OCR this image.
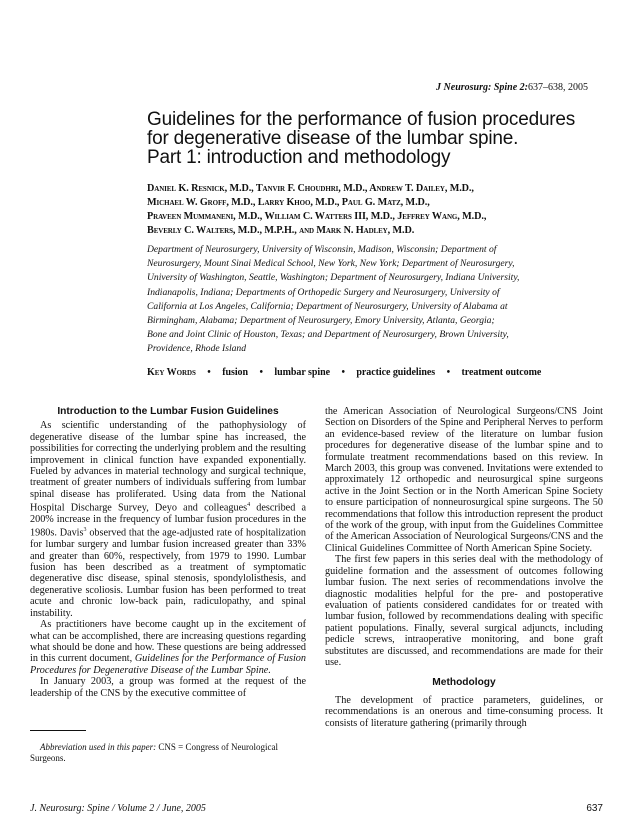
J Neurosurg: Spine 2:637–638, 2005
Guidelines for the performance of fusion procedures
for degenerative disease of the lumbar spine.
Part 1: introduction and methodology
Daniel K. Resnick, M.D., Tanvir F. Choudhri, M.D., Andrew T. Dailey, M.D.,
Michael W. Groff, M.D., Larry Khoo, M.D., Paul G. Matz, M.D.,
Praveen Mummaneni, M.D., William C. Watters III, M.D., Jeffrey Wang, M.D.,
Beverly C. Walters, M.D., M.P.H., and Mark N. Hadley, M.D.
Department of Neurosurgery, University of Wisconsin, Madison, Wisconsin; Department of
Neurosurgery, Mount Sinai Medical School, New York, New York; Department of Neurosurgery,
University of Washington, Seattle, Washington; Department of Neurosurgery, Indiana University,
Indianapolis, Indiana; Departments of Orthopedic Surgery and Neurosurgery, University of
California at Los Angeles, California; Department of Neurosurgery, University of Alabama at
Birmingham, Alabama; Department of Neurosurgery, Emory University, Atlanta, Georgia;
Bone and Joint Clinic of Houston, Texas; and Department of Neurosurgery, Brown University,
Providence, Rhode Island
Key Words • fusion • lumbar spine • practice guidelines • treatment outcome
Introduction to the Lumbar Fusion Guidelines

As scientific understanding of the pathophysiology of degenerative disease of the lumbar spine has increased, the possibilities for correcting the underlying problem and the resulting improvement in clinical function have expanded exponentially. Fueled by advances in material technology and surgical technique, treatment of greater numbers of individuals suffering from lumbar spinal disease has proliferated. Using data from the National Hospital Discharge Survey, Deyo and colleagues$^4$ described a 200% increase in the frequency of lumbar fusion procedures in the 1980s. Davis$^3$ observed that the age-adjusted rate of hospitalization for lumbar surgery and lumbar fusion increased greater than 33% and greater than 60%, respectively, from 1979 to 1990. Lumbar fusion has been described as a treatment of symptomatic degenerative disc disease, spinal stenosis, spondylolisthesis, and degenerative scoliosis. Lumbar fusion has been performed to treat acute and chronic low-back pain, radiculopathy, and spinal instability.

As practitioners have become caught up in the excitement of what can be accomplished, there are increasing questions regarding what should be done and how. These questions are being addressed in this current document, Guidelines for the Performance of Fusion Procedures for Degenerative Disease of the Lumbar Spine.

In January 2003, a group was formed at the request of the leadership of the CNS by the executive committee of

Abbreviation used in this paper: CNS = Congress of Neurological Surgeons.

the American Association of Neurological Surgeons/CNS Joint Section on Disorders of the Spine and Peripheral Nerves to perform an evidence-based review of the literature on lumbar fusion procedures for degenerative disease of the lumbar spine and to formulate treatment recommendations based on this review. In March 2003, this group was convened. Invitations were extended to approximately 12 orthopedic and neurosurgical spine surgeons active in the Joint Section or in the North American Spine Society to ensure participation of nonneurosurgical spine surgeons. The 50 recommendations that follow this introduction represent the product of the work of the group, with input from the Guidelines Committee of the American Association of Neurological Surgeons/CNS and the Clinical Guidelines Committee of North American Spine Society.

The first few papers in this series deal with the methodology of guideline formation and the assessment of outcomes following lumbar fusion. The next series of recommendations involve the diagnostic modalities helpful for the pre- and postoperative evaluation of patients considered candidates for or treated with lumbar fusion, followed by recommendations dealing with specific patient populations. Finally, several surgical adjuncts, including pedicle screws, intraoperative monitoring, and bone graft substitutes are discussed, and recommendations are made for their use.

Methodology

The development of practice parameters, guidelines, or recommendations is an onerous and time-consuming process. It consists of literature gathering (primarily through

J. Neurosurg: Spine / Volume 2 / June, 2005	637
